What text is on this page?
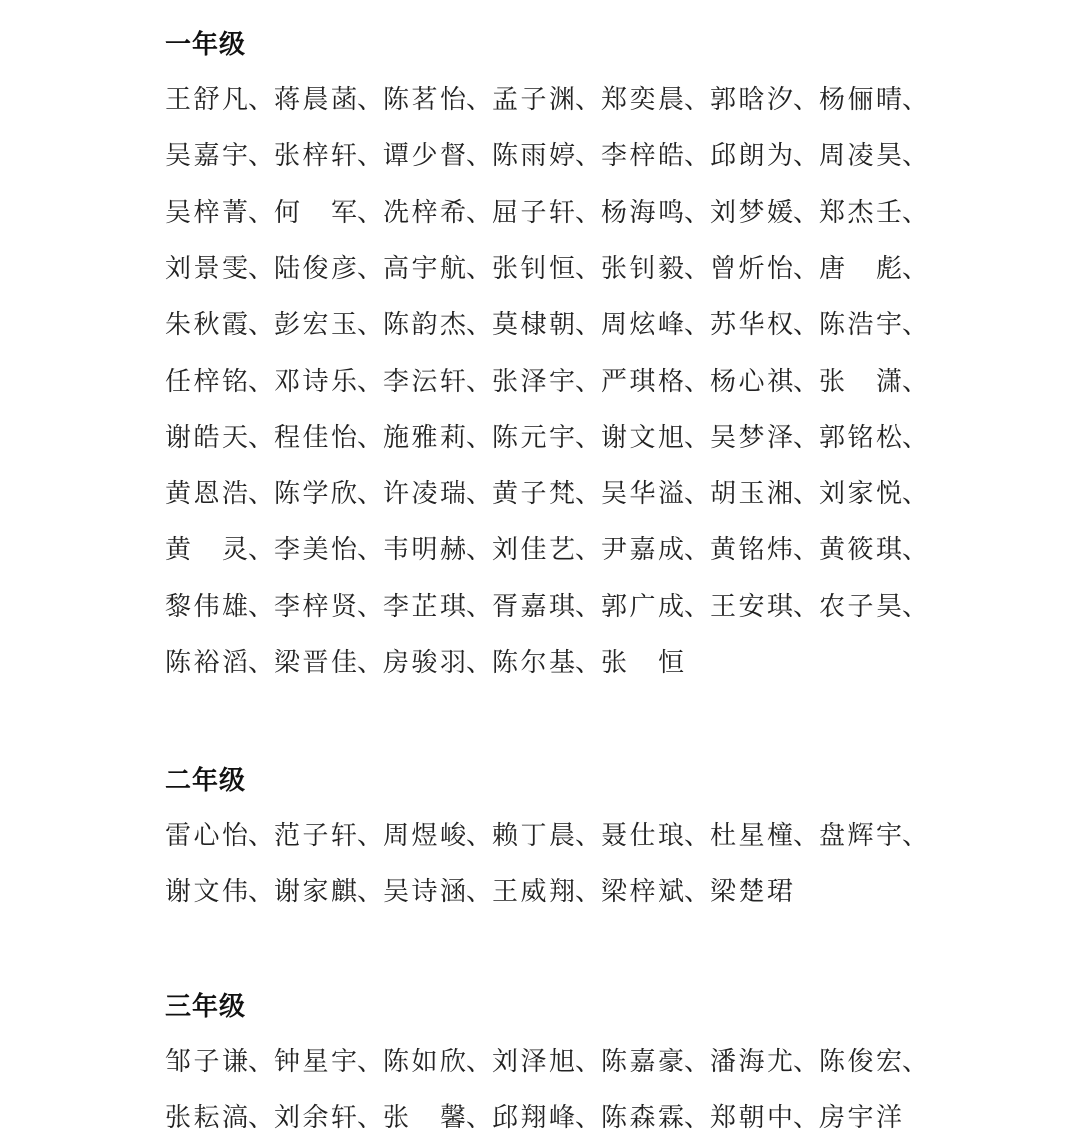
一年级
王舒凡、 蒋晨菡、 陈茗怡、 孟子渊、 郑奕晨、 郭晗汐、 杨俪晴、
吴嘉宇、 张梓轩、 谭少督、 陈雨婷、 李梓皓、 邱朗为、 周凌昊、
吴梓菁、 何军、 冼梓希、 屈子轩、 杨海鸣、 刘梦媛、 郑杰壬、
刘景雯、 陆俊彦、 高宇航、 张钊恒、 张钊毅、 曾炘怡、 唐彪、
朱秋霞、 彭宏玉、 陈韵杰、 莫棣朝、 周炫峰、 苏华权、 陈浩宇、
任梓铭、 邓诗乐、 李沄轩、 张泽宇、 严琪格、 杨心祺、 张潇、
谢皓天、 程佳怡、 施雅莉、 陈元宇、 谢文旭、 吴梦泽、 郭铭松、
黄恩浩、 陈学欣、 许凌瑞、 黄子梵、 吴华溢、 胡玉湘、 刘家悦、
黄灵、 李美怡、 韦明赫、 刘佳艺、 尹嘉成、 黄铭炜、 黄筱琪、
黎伟雄、 李梓贤、 李芷琪、 胥嘉琪、 郭广成、 王安琪、 农子昊、
陈裕滔、 梁晋佳、 房骏羽、 陈尔基、 张恒
二年级
雷心怡、 范子轩、 周煜峻、 赖丁晨、 聂仕琅、 杜星橦、 盘辉宇、
谢文伟、 谢家麒、 吴诗涵、 王威翔、 梁梓斌、 梁楚珺
三年级
邹子谦、 钟星宇、 陈如欣、 刘泽旭、 陈嘉豪、 潘海尤、 陈俊宏、
张耘滈、 刘余轩、 张馨、 邱翔峰、 陈森霖、 郑朝中、 房宇洋
